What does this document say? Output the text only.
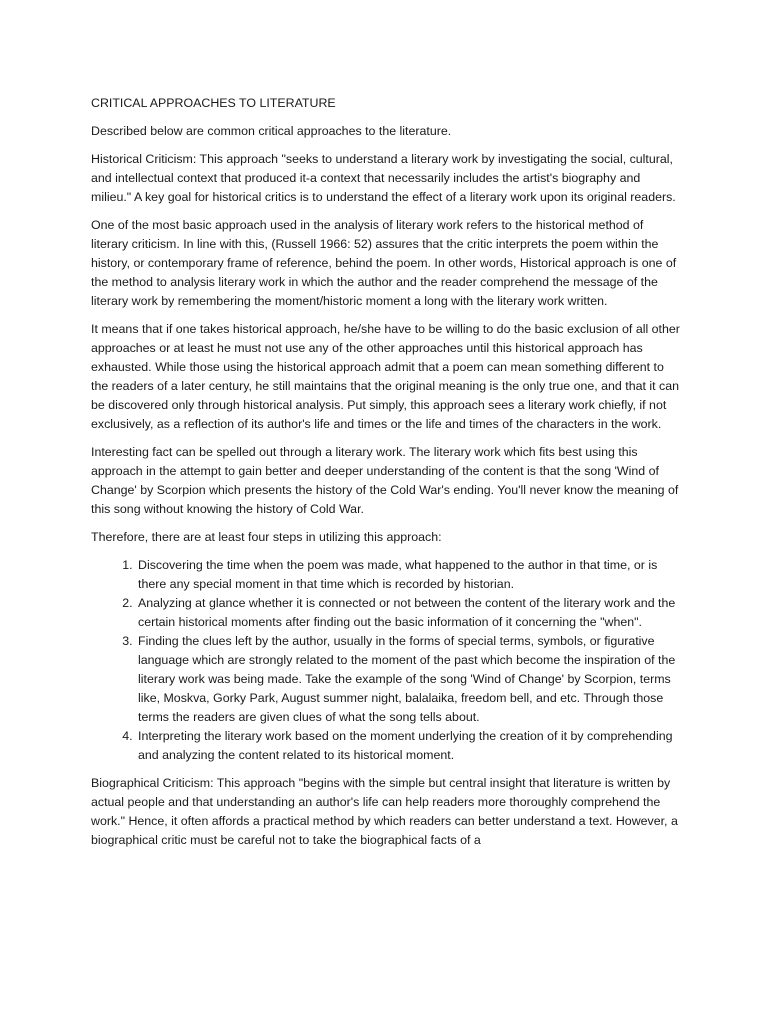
CRITICAL APPROACHES TO LITERATURE

Described below are common critical approaches to the literature.

Historical Criticism: This approach "seeks to understand a literary work by investigating the social, cultural, and intellectual context that produced it-a context that necessarily includes the artist's biography and milieu." A key goal for historical critics is to understand the effect of a literary work upon its original readers.

One of the most basic approach used in the analysis of literary work refers to the historical method of literary criticism. In line with this, (Russell 1966: 52) assures that the critic interprets the poem within the history, or contemporary frame of reference, behind the poem. In other words, Historical approach is one of the method to analysis literary work in which the author and the reader comprehend the message of the literary work by remembering the moment/historic moment a long with the literary work written.

It means that if one takes historical approach, he/she have to be willing to do the basic exclusion of all other approaches or at least he must not use any of the other approaches until this historical approach has exhausted. While those using the historical approach admit that a poem can mean something different to the readers of a later century, he still maintains that the original meaning is the only true one, and that it can be discovered only through historical analysis. Put simply, this approach sees a literary work chiefly, if not exclusively, as a reflection of its author's life and times or the life and times of the characters in the work.

Interesting fact can be spelled out through a literary work. The literary work which fits best using this approach in the attempt to gain better and deeper understanding of the content is that the song 'Wind of Change' by Scorpion which presents the history of the Cold War's ending. You'll never know the meaning of this song without knowing the history of Cold War.

Therefore, there are at least four steps in utilizing this approach:

1. Discovering the time when the poem was made, what happened to the author in that time, or is there any special moment in that time which is recorded by historian.
2. Analyzing at glance whether it is connected or not between the content of the literary work and the certain historical moments after finding out the basic information of it concerning the "when".
3. Finding the clues left by the author, usually in the forms of special terms, symbols, or figurative language which are strongly related to the moment of the past which become the inspiration of the literary work was being made. Take the example of the song 'Wind of Change' by Scorpion, terms like, Moskva, Gorky Park, August summer night, balalaika, freedom bell, and etc. Through those terms the readers are given clues of what the song tells about.
4. Interpreting the literary work based on the moment underlying the creation of it by comprehending and analyzing the content related to its historical moment.

Biographical Criticism: This approach "begins with the simple but central insight that literature is written by actual people and that understanding an author's life can help readers more thoroughly comprehend the work." Hence, it often affords a practical method by which readers can better understand a text. However, a biographical critic must be careful not to take the biographical facts of a
